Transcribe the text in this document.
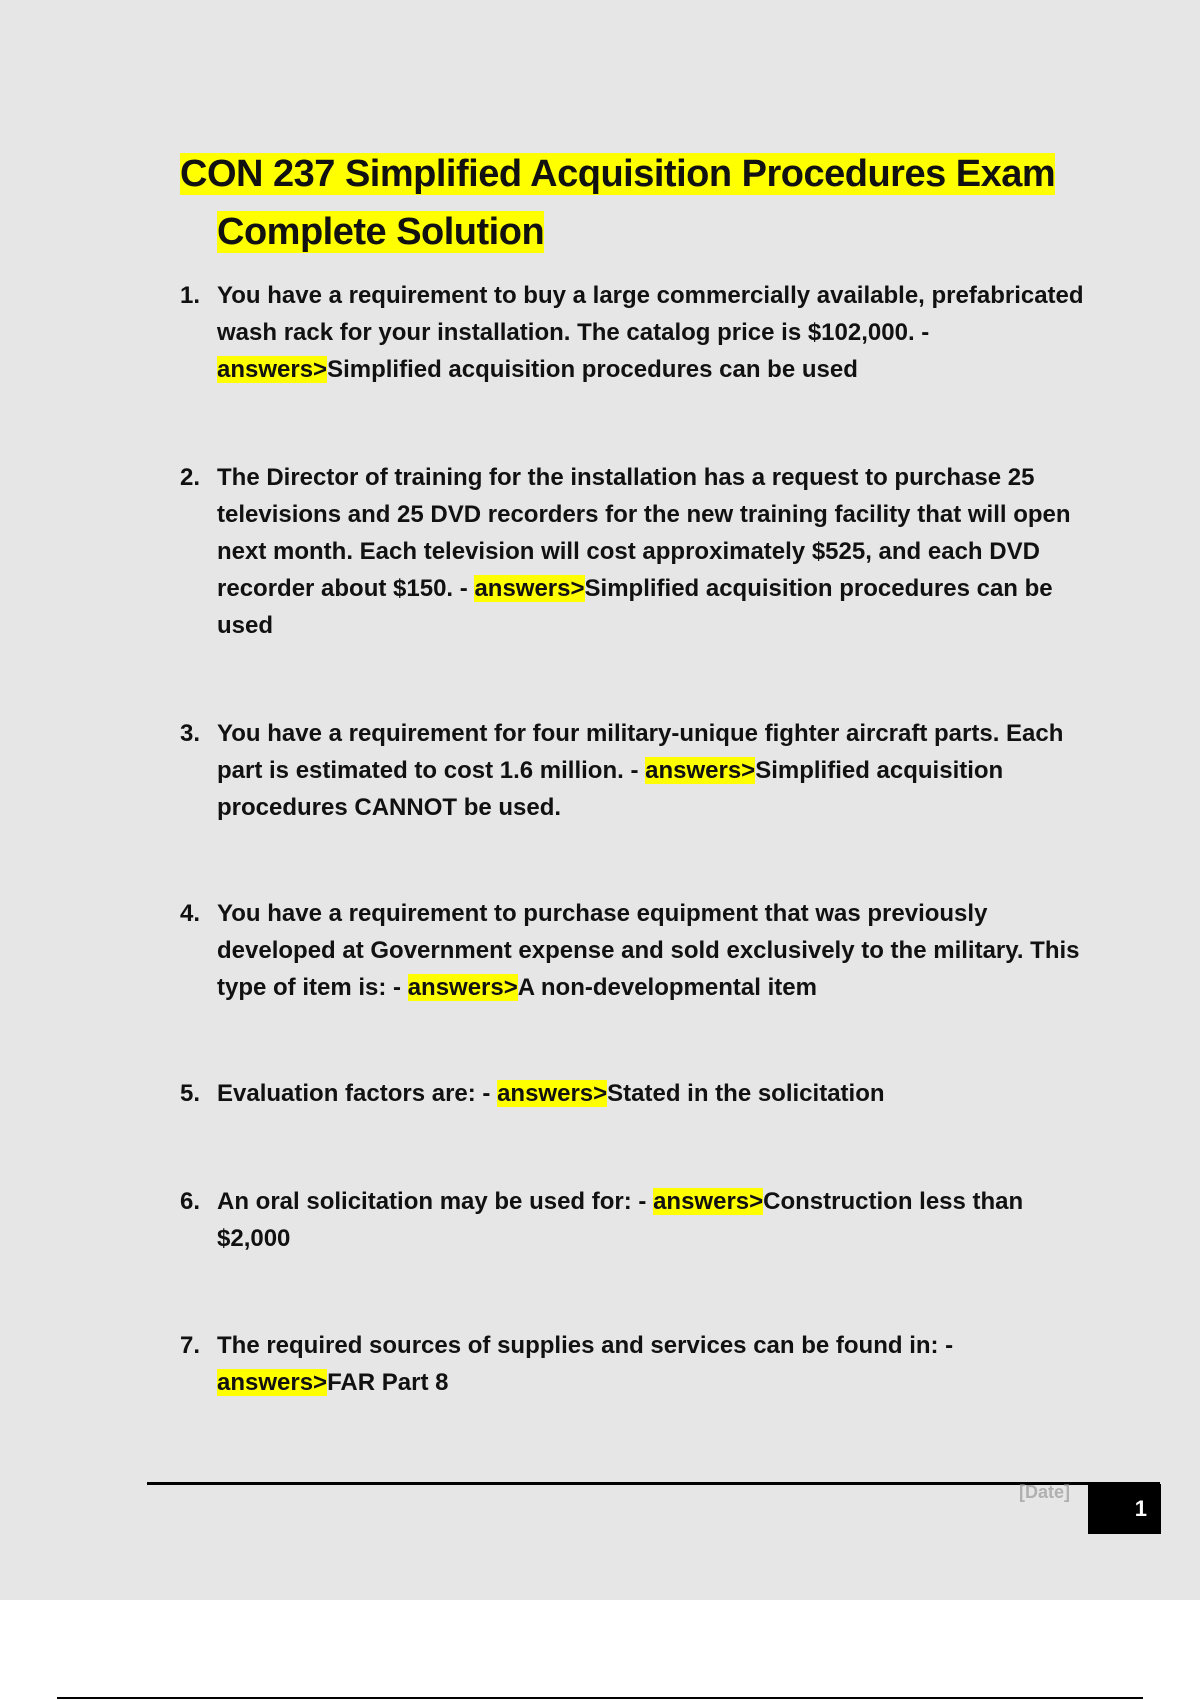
CON 237 Simplified Acquisition Procedures Exam
Complete Solution
1. You have a requirement to buy a large commercially available, prefabricated wash rack for your installation. The catalog price is $102,000. - answers>Simplified acquisition procedures can be used
2. The Director of training for the installation has a request to purchase 25 televisions and 25 DVD recorders for the new training facility that will open next month. Each television will cost approximately $525, and each DVD recorder about $150. - answers>Simplified acquisition procedures can be used
3. You have a requirement for four military-unique fighter aircraft parts. Each part is estimated to cost 1.6 million. - answers>Simplified acquisition procedures CANNOT be used.
4. You have a requirement to purchase equipment that was previously developed at Government expense and sold exclusively to the military. This type of item is: - answers>A non-developmental item
5. Evaluation factors are: - answers>Stated in the solicitation
6. An oral solicitation may be used for: - answers>Construction less than $2,000
7. The required sources of supplies and services can be found in: - answers>FAR Part 8
[Date]
1
